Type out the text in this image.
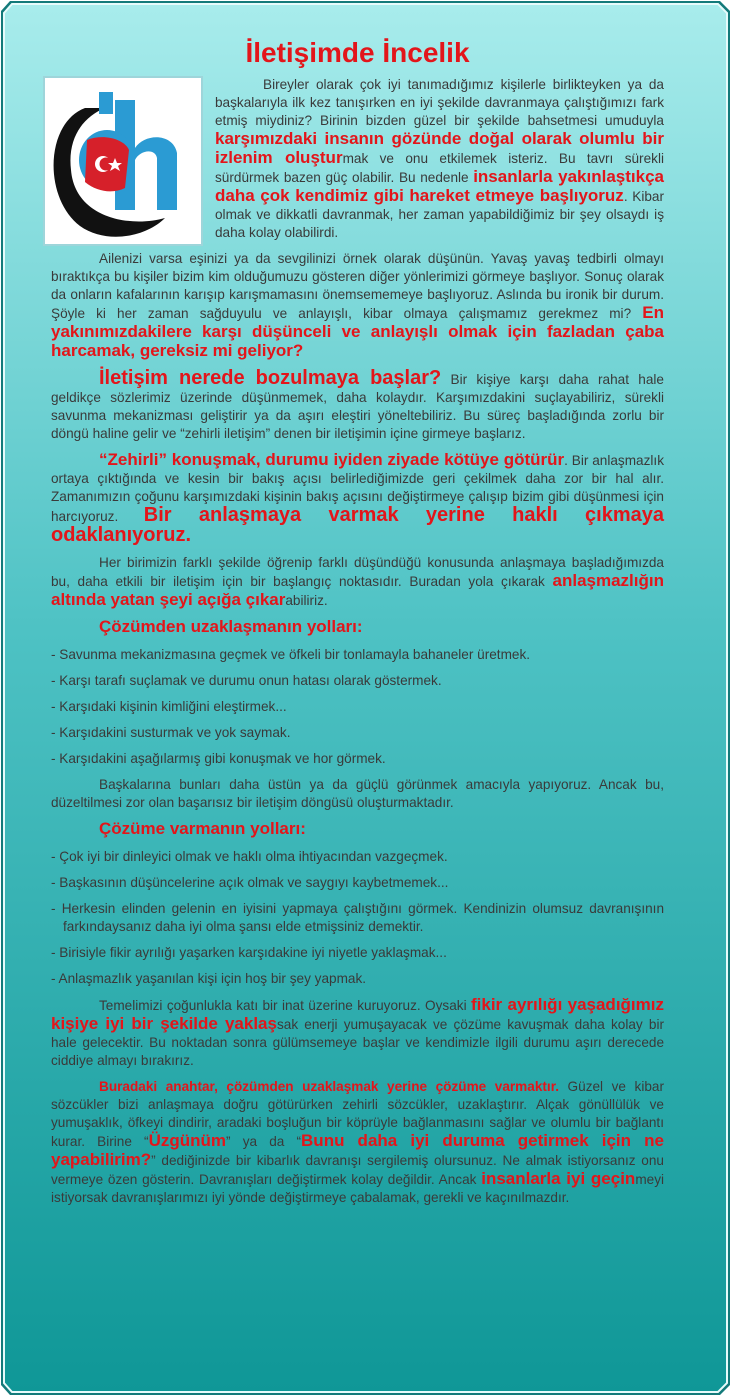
İletişimde İncelik

Bireyler olarak çok iyi tanımadığımız kişilerle birlikteyken ya da başkalarıyla ilk kez tanışırken en iyi şekilde davranmaya çalıştığımızı fark etmiş miydiniz? Birinin bizden güzel bir şekilde bahsetmesi umuduyla karşımızdaki insanın gözünde doğal olarak olumlu bir izlenim oluşturmak ve onu etkilemek isteriz. Bu tavrı sürekli sürdürmek bazen güç olabilir. Bu nedenle insanlarla yakınlaştıkça daha çok kendimiz gibi hareket etmeye başlıyoruz. Kibar olmak ve dikkatli davranmak, her zaman yapabildiğimiz bir şey olsaydı iş daha kolay olabilirdi.

Ailenizi varsa eşinizi ya da sevgilinizi örnek olarak düşünün. Yavaş yavaş tedbirli olmayı bıraktıkça bu kişiler bizim kim olduğumuzu gösteren diğer yönlerimizi görmeye başlıyor. Sonuç olarak da onların kafalarının karışıp karışmamasını önemsememeye başlıyoruz. Aslında bu ironik bir durum. Şöyle ki her zaman sağduyulu ve anlayışlı, kibar olmaya çalışmamız gerekmez mi? En yakınımızdakilere karşı düşünceli ve anlayışlı olmak için fazladan çaba harcamak, gereksiz mi geliyor?

İletişim nerede bozulmaya başlar? Bir kişiye karşı daha rahat hale geldikçe sözlerimiz üzerinde düşünmemek, daha kolaydır. Karşımızdakini suçlayabiliriz, sürekli savunma mekanizması geliştirir ya da aşırı eleştiri yöneltebiliriz. Bu süreç başladığında zorlu bir döngü haline gelir ve “zehirli iletişim” denen bir iletişimin içine girmeye başlarız.

“Zehirli” konuşmak, durumu iyiden ziyade kötüye götürür. Bir anlaşmazlık ortaya çıktığında ve kesin bir bakış açısı belirlediğimizde geri çekilmek daha zor bir hal alır. Zamanımızın çoğunu karşımızdaki kişinin bakış açısını değiştirmeye çalışıp bizim gibi düşünmesi için harcıyoruz. Bir anlaşmaya varmak yerine haklı çıkmaya odaklanıyoruz.

Her birimizin farklı şekilde öğrenip farklı düşündüğü konusunda anlaşmaya başladığımızda bu, daha etkili bir iletişim için bir başlangıç noktasıdır. Buradan yola çıkarak anlaşmazlığın altında yatan şeyi açığa çıkarabiliriz.

Çözümden uzaklaşmanın yolları:
- Savunma mekanizmasına geçmek ve öfkeli bir tonlamayla bahaneler üretmek.
- Karşı tarafı suçlamak ve durumu onun hatası olarak göstermek.
- Karşıdaki kişinin kimliğini eleştirmek...
- Karşıdakini susturmak ve yok saymak.
- Karşıdakini aşağılarmış gibi konuşmak ve hor görmek.

Başkalarına bunları daha üstün ya da güçlü görünmek amacıyla yapıyoruz. Ancak bu, düzeltilmesi zor olan başarısız bir iletişim döngüsü oluşturmaktadır.

Çözüme varmanın yolları:
- Çok iyi bir dinleyici olmak ve haklı olma ihtiyacından vazgeçmek.
- Başkasının düşüncelerine açık olmak ve saygıyı kaybetmemek...
- Herkesin elinden gelenin en iyisini yapmaya çalıştığını görmek. Kendinizin olumsuz davranışının farkındaysanız daha iyi olma şansı elde etmişsiniz demektir.
- Birisiyle fikir ayrılığı yaşarken karşıdakine iyi niyetle yaklaşmak...
- Anlaşmazlık yaşanılan kişi için hoş bir şey yapmak.

Temelimizi çoğunlukla katı bir inat üzerine kuruyoruz. Oysaki fikir ayrılığı yaşadığımız kişiye iyi bir şekilde yaklaşsak enerji yumuşayacak ve çözüme kavuşmak daha kolay bir hale gelecektir. Bu noktadan sonra gülümsemeye başlar ve kendimizle ilgili durumu aşırı derecede ciddiye almayı bırakırız.

Buradaki anahtar, çözümden uzaklaşmak yerine çözüme varmaktır. Güzel ve kibar sözcükler bizi anlaşmaya doğru götürürken zehirli sözcükler, uzaklaştırır. Alçak gönüllülük ve yumuşaklık, öfkeyi dindirir, aradaki boşluğun bir köprüyle bağlanmasını sağlar ve olumlu bir bağlantı kurar. Birine “Üzgünüm” ya da “Bunu daha iyi duruma getirmek için ne yapabilirim?” dediğinizde bir kibarlık davranışı sergilemiş olursunuz. Ne almak istiyorsanız onu vermeye özen gösterin. Davranışları değiştirmek kolay değildir. Ancak insanlarla iyi geçinmeyi istiyorsak davranışlarımızı iyi yönde değiştirmeye çabalamak, gerekli ve kaçınılmazdır.
